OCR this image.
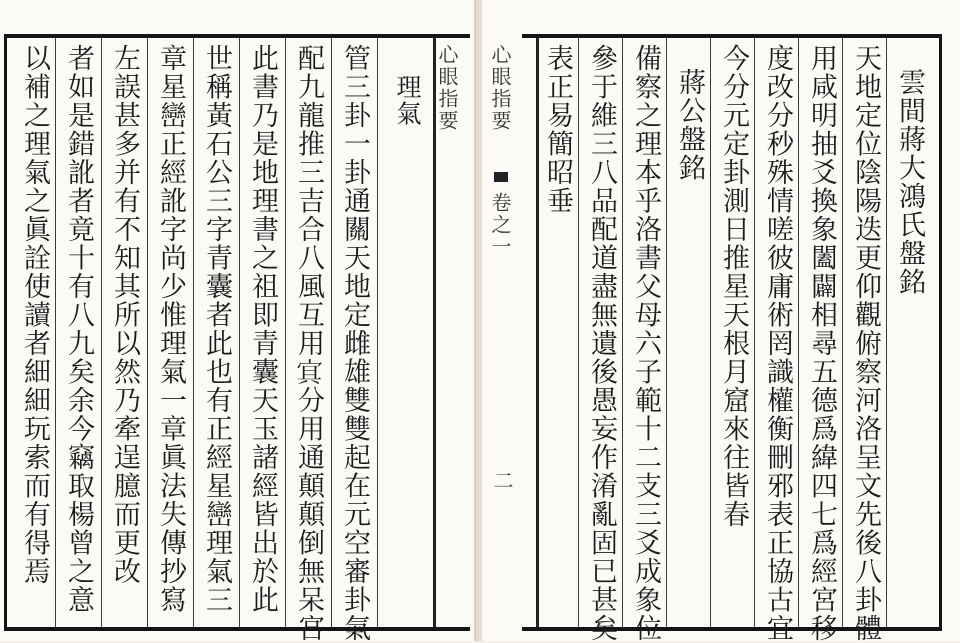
心眼指要
理氣
管三卦一卦通關天地定雌雄雙雙起在元空審卦氣
配九龍推三吉合八風互用𡨋分用通顛顛倒無呆宮
此書乃是地理書之祖即青囊天玉諸經皆出於此
世稱黃石公三字青囊者此也有正經星巒理氣三
章星巒正經訛字尚少惟理氣一章眞法失傳抄寫
左誤甚多并有不知其所以然乃牽逞臆而更改
者如是錯訛者竟十有八九矣余今竊取楊曾之意
以補之理氣之眞詮使讀者細細玩索而有得焉	雲間蔣大鴻氏盤銘
天地定位陰陽迭更仰觀俯察河洛呈文先後八卦體
用咸明抽爻換象闔闢相尋五德爲緯四七爲經宮移
度改分秒殊情嗟彼庸術罔識權衡刪邪表正協古宜
今分元定卦測日推星天根月窟來往皆春
蔣公盤銘
備察之理本乎洛書父母六子範十二支三爻成象位
參于維三八品配道盡無遺後愚妄作淆亂固已甚矣
表正易簡昭垂
心眼指要
卷之一
二
